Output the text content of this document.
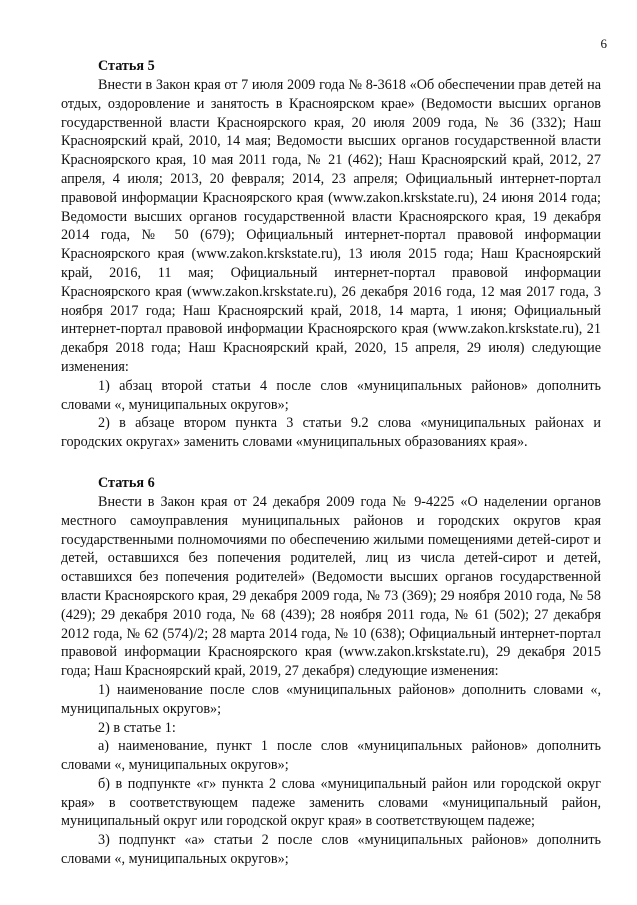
6

Статья 5

Внести в Закон края от 7 июля 2009 года № 8-3618 «Об обеспечении прав детей на отдых, оздоровление и занятость в Красноярском крае» (Ведомости высших органов государственной власти Красноярского края, 20 июля 2009 года, № 36 (332); Наш Красноярский край, 2010, 14 мая; Ведомости высших органов государственной власти Красноярского края, 10 мая 2011 года, № 21 (462); Наш Красноярский край, 2012, 27 апреля, 4 июля; 2013, 20 февраля; 2014, 23 апреля; Официальный интернет-портал правовой информации Красноярского края (www.zakon.krskstate.ru), 24 июня 2014 года; Ведомости высших органов государственной власти Красноярского края, 19 декабря 2014 года, № 50 (679); Официальный интернет-портал правовой информации Красноярского края (www.zakon.krskstate.ru), 13 июля 2015 года; Наш Красноярский край, 2016, 11 мая; Официальный интернет-портал правовой информации Красноярского края (www.zakon.krskstate.ru), 26 декабря 2016 года, 12 мая 2017 года, 3 ноября 2017 года; Наш Красноярский край, 2018, 14 марта, 1 июня; Официальный интернет-портал правовой информации Красноярского края (www.zakon.krskstate.ru), 21 декабря 2018 года; Наш Красноярский край, 2020, 15 апреля, 29 июля) следующие изменения:

1) абзац второй статьи 4 после слов «муниципальных районов» дополнить словами «, муниципальных округов»;

2) в абзаце втором пункта 3 статьи 9.2 слова «муниципальных районах и городских округах» заменить словами «муниципальных образованиях края».

Статья 6

Внести в Закон края от 24 декабря 2009 года № 9-4225 «О наделении органов местного самоуправления муниципальных районов и городских округов края государственными полномочиями по обеспечению жилыми помещениями детей-сирот и детей, оставшихся без попечения родителей, лиц из числа детей-сирот и детей, оставшихся без попечения родителей» (Ведомости высших органов государственной власти Красноярского края, 29 декабря 2009 года, № 73 (369); 29 ноября 2010 года, № 58 (429); 29 декабря 2010 года, № 68 (439); 28 ноября 2011 года, № 61 (502); 27 декабря 2012 года, № 62 (574)/2; 28 марта 2014 года, № 10 (638); Официальный интернет-портал правовой информации Красноярского края (www.zakon.krskstate.ru), 29 декабря 2015 года; Наш Красноярский край, 2019, 27 декабря) следующие изменения:

1) наименование после слов «муниципальных районов» дополнить словами «, муниципальных округов»;

2) в статье 1:

а) наименование, пункт 1 после слов «муниципальных районов» дополнить словами «, муниципальных округов»;

б) в подпункте «г» пункта 2 слова «муниципальный район или городской округ края» в соответствующем падеже заменить словами «муниципальный район, муниципальный округ или городской округ края» в соответствующем падеже;

3) подпункт «а» статьи 2 после слов «муниципальных районов» дополнить словами «, муниципальных округов»;
